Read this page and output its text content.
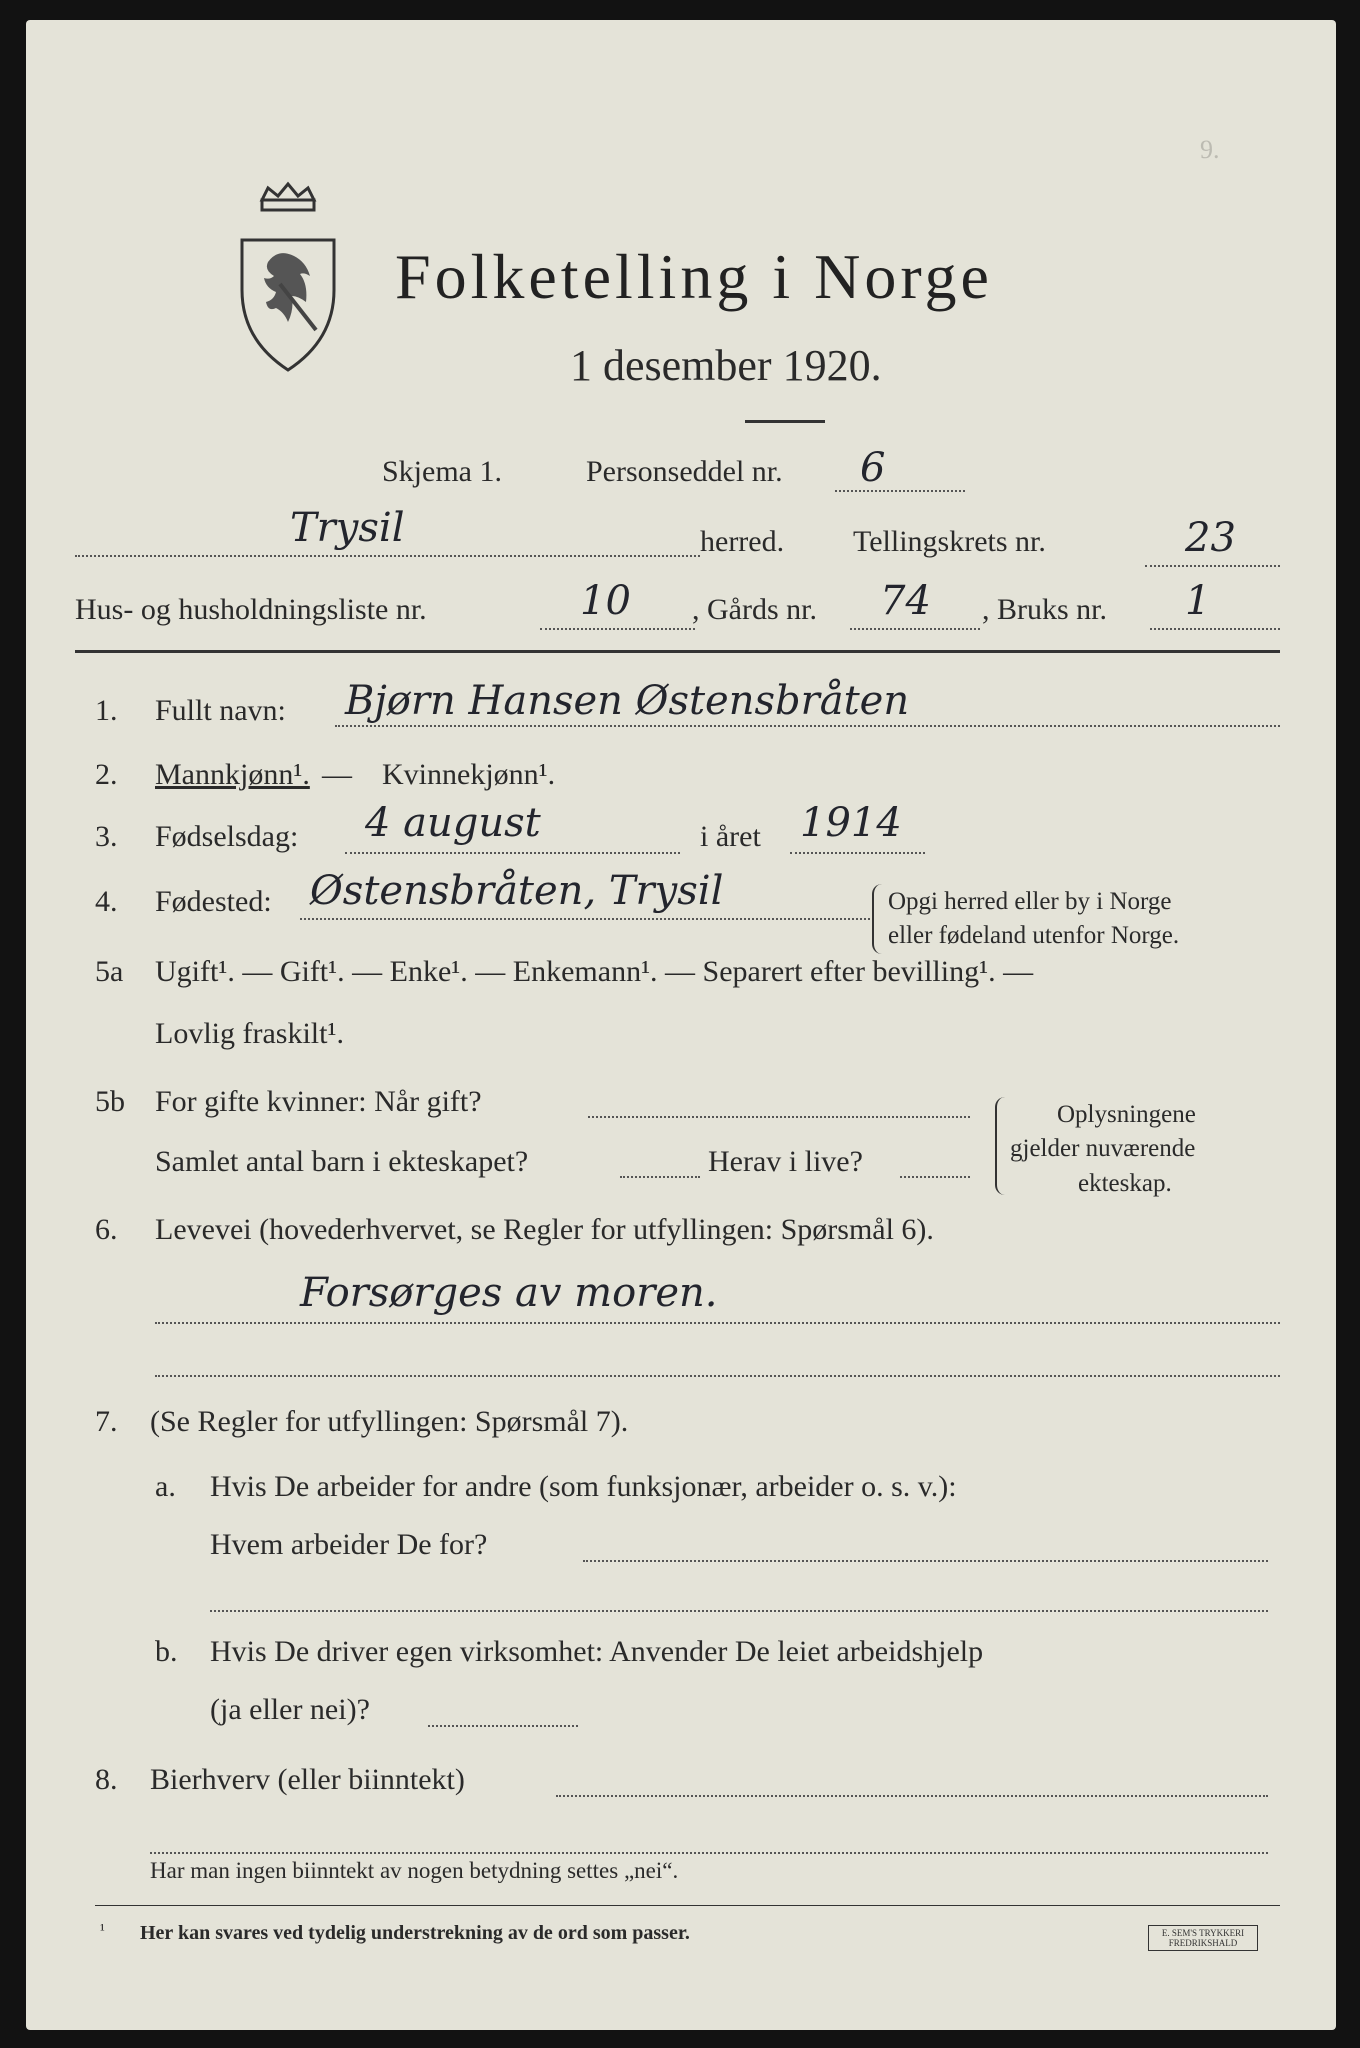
9.
Folketelling i Norge
1 desember 1920.
Skjema 1.	Personseddel nr. 6
Trysil	herred. Tellingskrets nr.	23
Hus- og husholdningsliste nr.	10 , Gårds nr. 74 , Bruks nr. 1
1. Fullt navn: Bjørn Hansen Østensbråten
2. Mannkjønn¹. — Kvinnekjønn¹.
3. Fødselsdag: 4 august	i året 1914
4. Fødested: Østensbråten, Trysil	Opgi herred eller by i Norge
eller fødeland utenfor Norge.
5a Ugift¹. — Gift¹. — Enke¹. — Enkemann¹. — Separert efter bevilling¹. —
Lovlig fraskilt¹.
5b For gifte kvinner: Når gift?
Samlet antal barn i ekteskapet?	Herav i live?
Oplysningene
gjelder nuværende
ekteskap.
6. Levevei (hovederhvervet, se Regler for utfyllingen: Spørsmål 6).
Forsørges av moren.
7. (Se Regler for utfyllingen: Spørsmål 7).
a. Hvis De arbeider for andre (som funksjonær, arbeider o. s. v.):
Hvem arbeider De for?
b. Hvis De driver egen virksomhet: Anvender De leiet arbeidshjelp
(ja eller nei)?
8. Bierhverv (eller biinntekt)
Har man ingen biinntekt av nogen betydning settes „nei“.
¹ Her kan svares ved tydelig understrekning av de ord som passer.	E. SEM'S TRYKKERI FREDRIKSHALD
